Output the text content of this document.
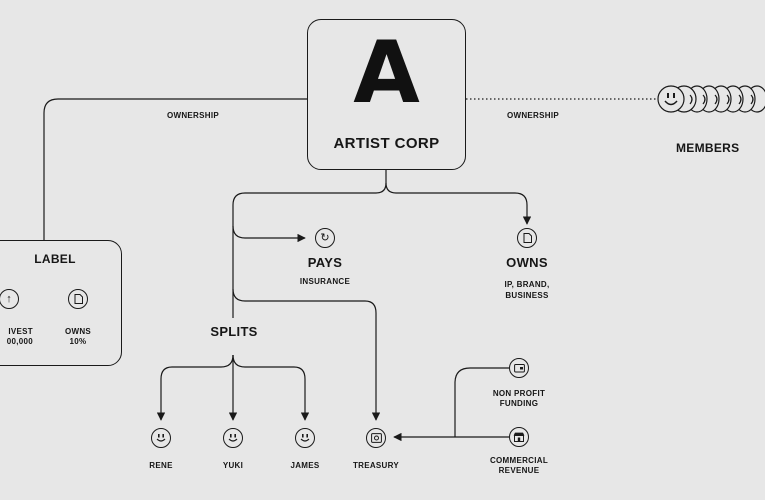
A
ARTIST CORP
OWNERSHIP	OWNERSHIP
MEMBERS
LABEL
↑
IVEST
00,000
OWNS
10%
↻
PAYS
INSURANCE
OWNS
IP, BRAND,
BUSINESS
SPLITS
RENE	YUKI	JAMES	TREASURY
NON PROFIT
FUNDING
COMMERCIAL
REVENUE
